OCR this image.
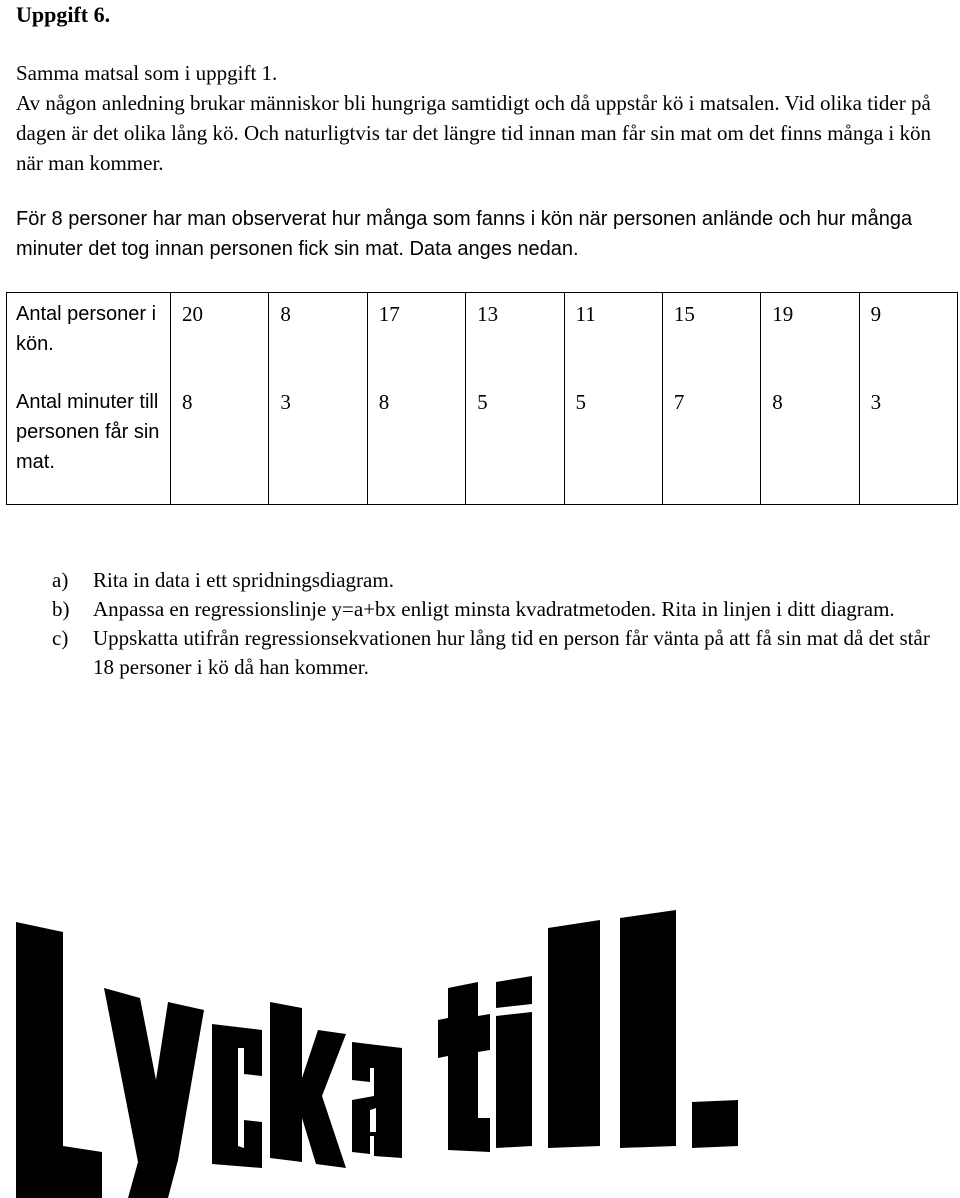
Uppgift 6.

Samma matsal som i uppgift 1.
Av någon anledning brukar människor bli hungriga samtidigt och då uppstår kö i matsalen. Vid olika tider på dagen är det olika lång kö. Och naturligtvis tar det längre tid innan man får sin mat om det finns många i kön när man kommer.

För 8 personer har man observerat hur många som fanns i kön när personen anlände och hur många minuter det tog innan personen fick sin mat. Data anges nedan.

Antal personer i kön.	20	8	17	13	11	15	19	9
Antal minuter till personen får sin mat.	8	3	8	5	5	7	8	3
a) Rita in data i ett spridningsdiagram.
b) Anpassa en regressionslinje y=a+bx enligt minsta kvadratmetoden. Rita in linjen i ditt diagram.
c) Uppskatta utifrån regressionsekvationen hur lång tid en person får vänta på att få sin mat då det står 18 personer i kö då han kommer.
